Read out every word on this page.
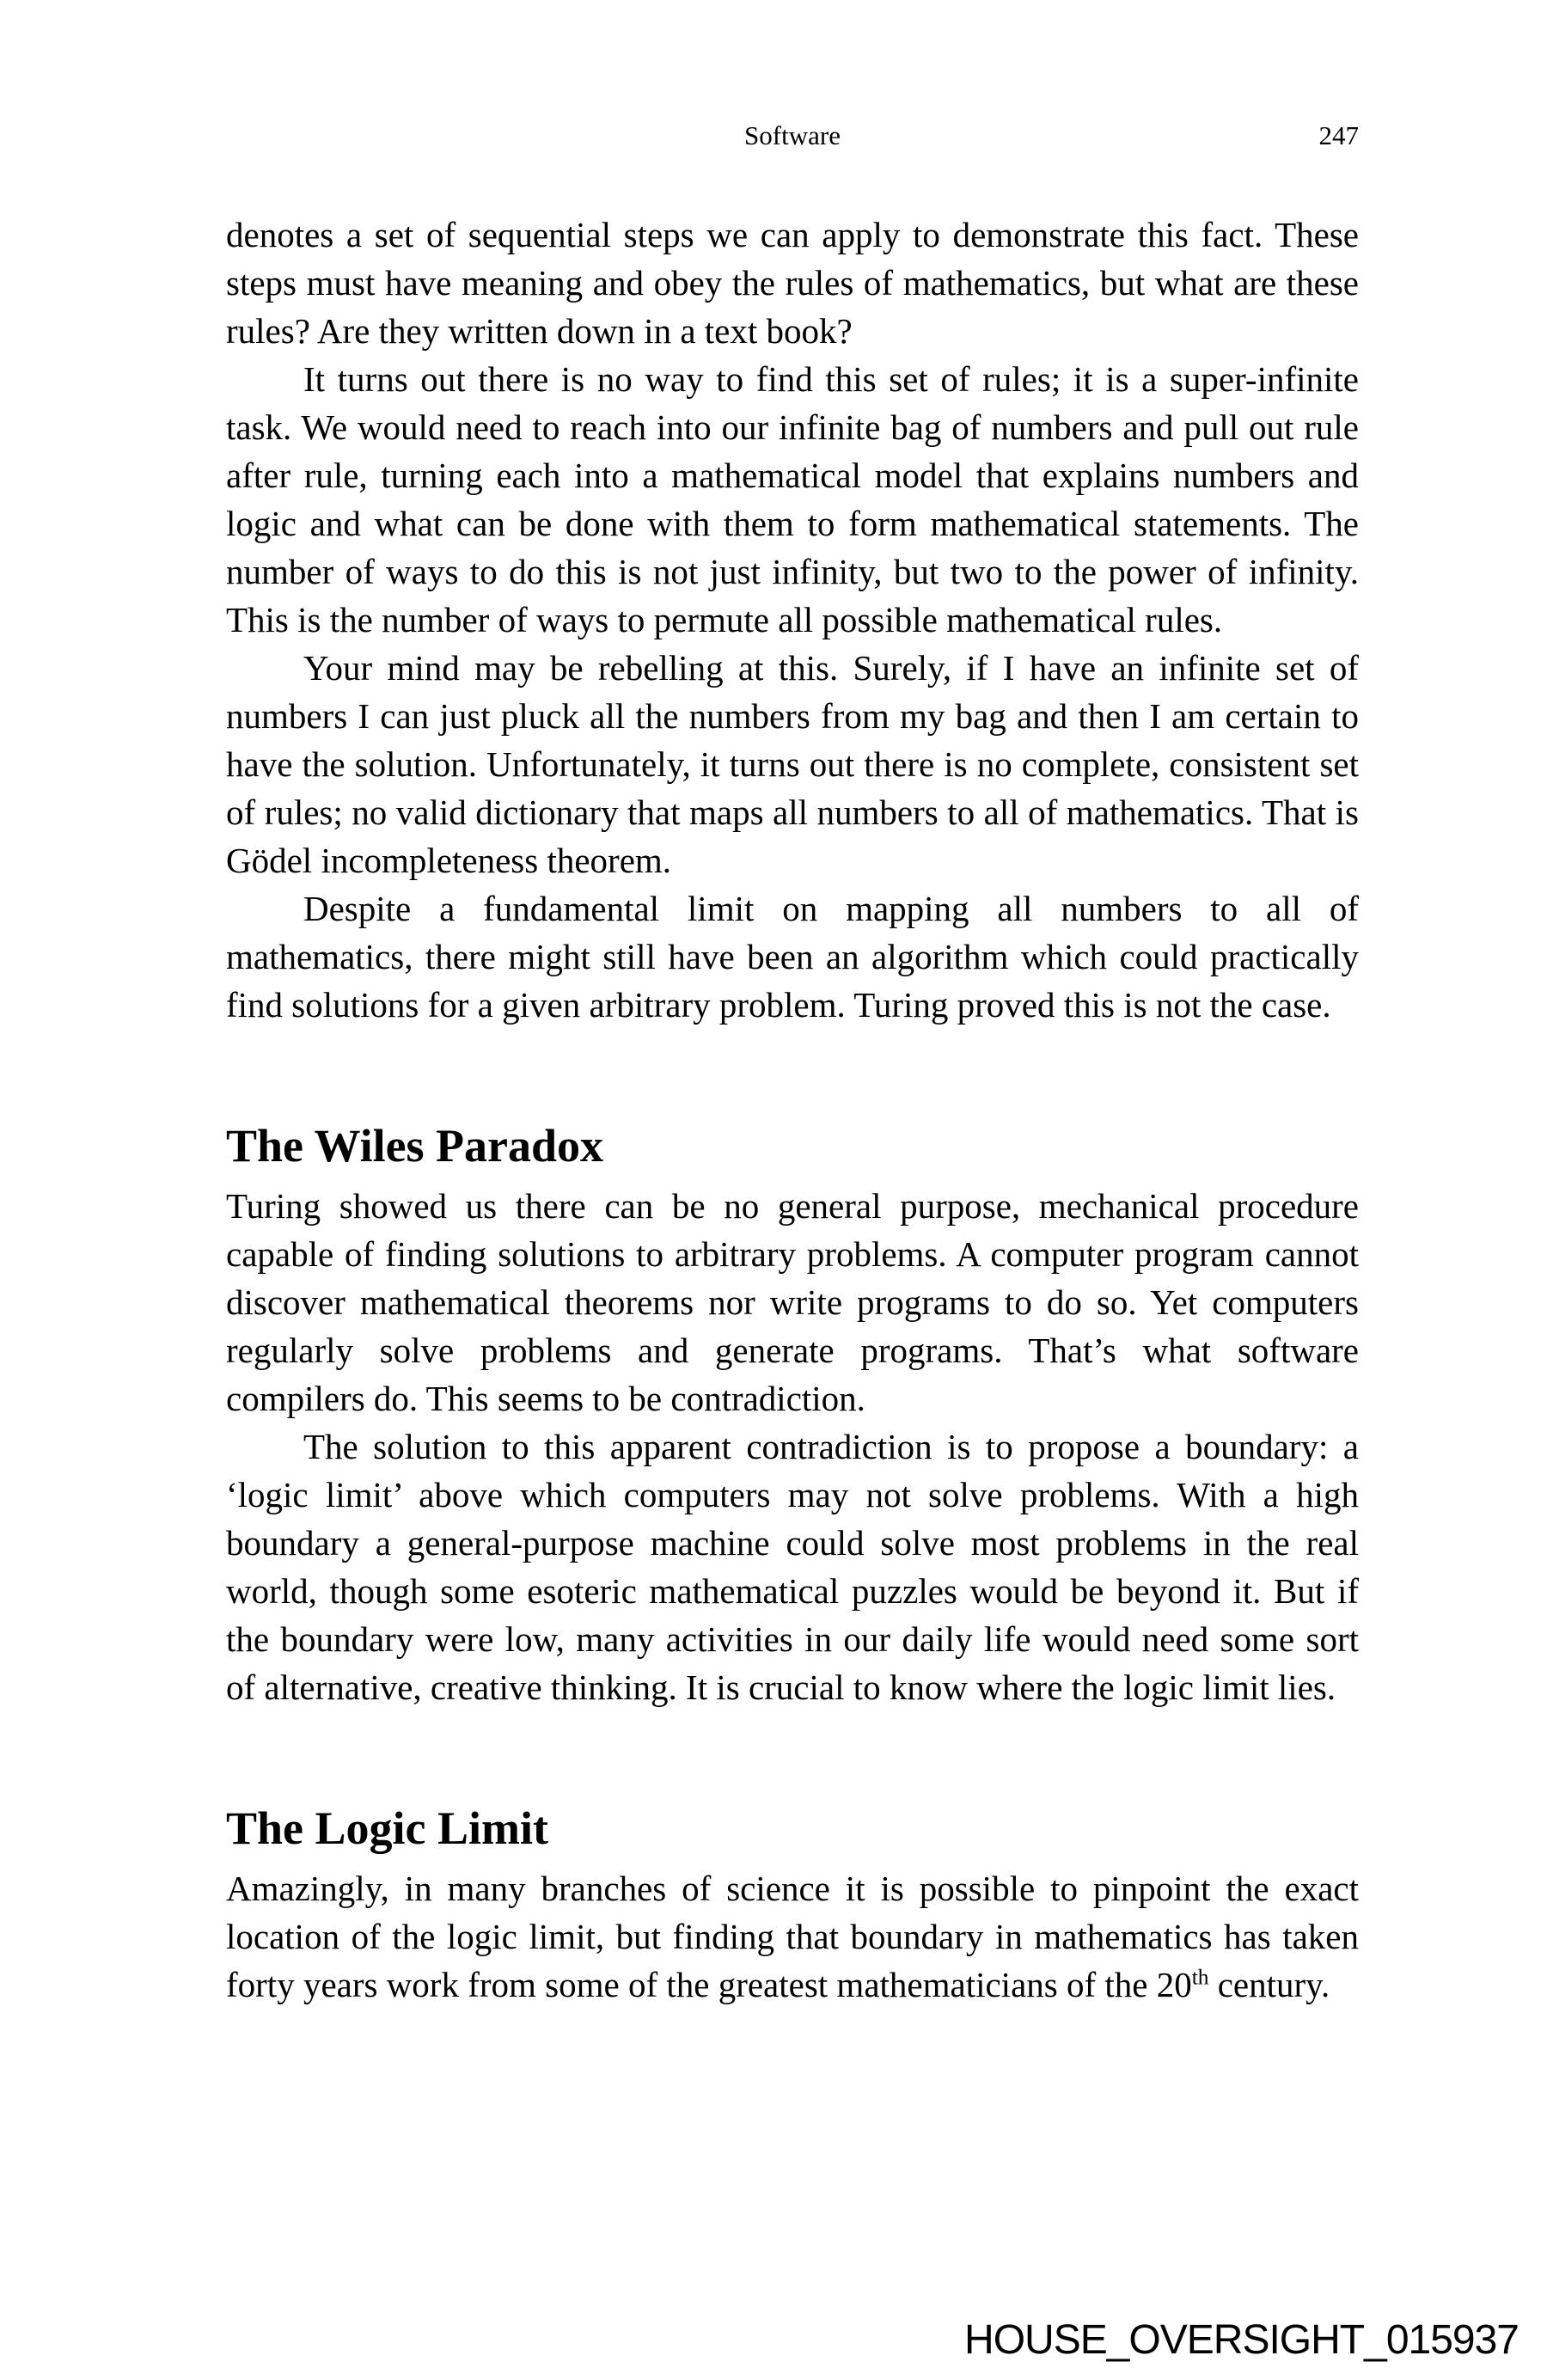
Software	247

denotes a set of sequential steps we can apply to demonstrate this fact. These steps must have meaning and obey the rules of mathematics, but what are these rules? Are they written down in a text book?

It turns out there is no way to find this set of rules; it is a super-infinite task. We would need to reach into our infinite bag of numbers and pull out rule after rule, turning each into a mathematical model that explains numbers and logic and what can be done with them to form mathematical statements. The number of ways to do this is not just infinity, but two to the power of infinity. This is the number of ways to permute all possible mathematical rules.

Your mind may be rebelling at this. Surely, if I have an infinite set of numbers I can just pluck all the numbers from my bag and then I am certain to have the solution. Unfortunately, it turns out there is no complete, consistent set of rules; no valid dictionary that maps all numbers to all of mathematics. That is Gödel incompleteness theorem.

Despite a fundamental limit on mapping all numbers to all of mathematics, there might still have been an algorithm which could practically find solutions for a given arbitrary problem. Turing proved this is not the case.

The Wiles Paradox

Turing showed us there can be no general purpose, mechanical procedure capable of finding solutions to arbitrary problems. A computer program cannot discover mathematical theorems nor write programs to do so. Yet computers regularly solve problems and generate programs. That’s what software compilers do. This seems to be contradiction.

The solution to this apparent contradiction is to propose a boundary: a ‘logic limit’ above which computers may not solve problems. With a high boundary a general-purpose machine could solve most problems in the real world, though some esoteric mathematical puzzles would be beyond it. But if the boundary were low, many activities in our daily life would need some sort of alternative, creative thinking. It is crucial to know where the logic limit lies.

The Logic Limit

Amazingly, in many branches of science it is possible to pinpoint the exact location of the logic limit, but finding that boundary in mathematics has taken forty years work from some of the greatest mathematicians of the 20th century.

HOUSE_OVERSIGHT_015937
